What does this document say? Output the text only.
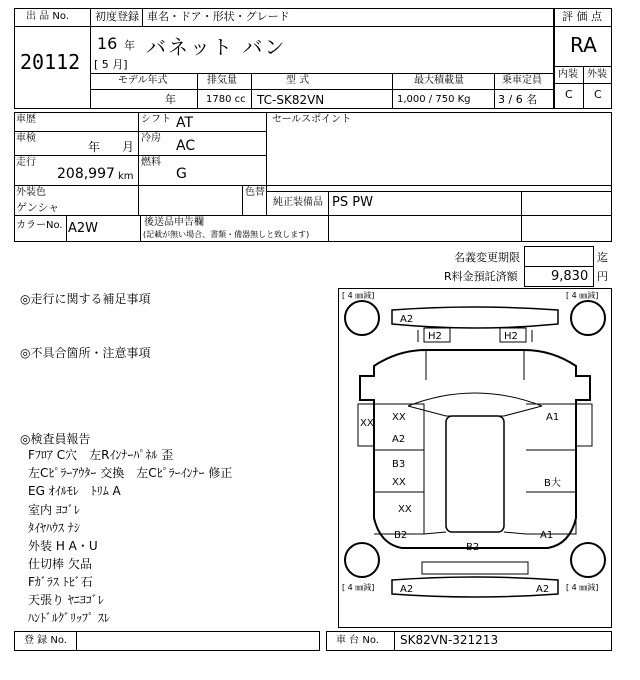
出 品 No.
20112
初度登録 車名・ドア・形状・グレード
16 年
[ 5 月]
バネット バン
評 価 点
RA
内装 外装
C C
モデル年式	排気量	型 式	最大積載量	乗車定員
年	1780 cc TC-SK82VN	1,000 / 750 Kg 3 / 6 名
車歴	シフト AT	セールスポイント
車検
年 月
冷房 AC
走行
208,997 km
燃料
G
外装色
ゲンシャ
色替
純正装備品 PS PW
カラーNo. A2W	後送品申告欄
(記載が無い場合、書類・備器無しと致します)
名義変更期限	迄
R料金預託済額	9,830 円
◎走行に関する補足事項
◎不具合箇所・注意事項
◎検査員報告
Fﾌﾛｱ C穴　左Rｲﾝﾅｰﾊﾟﾈﾙ 歪
左Cﾋﾟﾗｰｱｳﾀｰ 交換　左Cﾋﾟﾗｰｲﾝﾅｰ 修正
EG ｵｲﾙﾓﾚ　ﾄﾘﾑ A
室内 ﾖｺﾞﾚ
ﾀｲﾔﾊｳｽ ﾅｼ
外装 H A・U
仕切棒 欠品
Fｶﾞﾗｽ ﾄﾋﾞ石
天張り ﾔﾆﾖｺﾞﾚ
ﾊﾝﾄﾞﾙｸﾞﾘｯﾌﾟ ｽﾚ
[ 4 ㎜減]	[ 4 ㎜減]
[ 4 ㎜減]	[ 4 ㎜減]
A2
H2	H2
XX
XX
A2
B3
XX
XX
B2
A1
B大
A1
B2
A2	A2
登 録 No.	車 台 No. SK82VN-321213
